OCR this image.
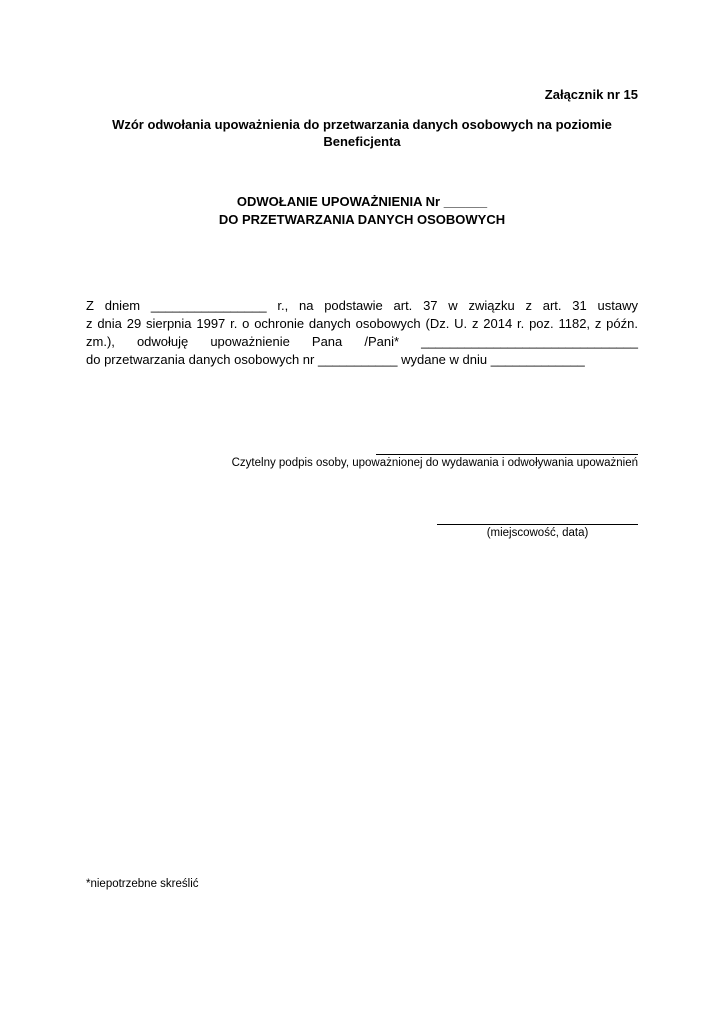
Załącznik nr 15
Wzór odwołania upoważnienia do przetwarzania danych osobowych na poziomie
Beneficjenta
ODWOŁANIE UPOWAŻNIENIA Nr ______
DO PRZETWARZANIA DANYCH OSOBOWYCH
Z dniem ________________ r., na podstawie art. 37 w związku z art. 31 ustawy
z dnia 29 sierpnia 1997 r. o ochronie danych osobowych (Dz. U. z 2014 r. poz. 1182, z późn.
zm.), odwołuję upoważnienie Pana /Pani* ______________________________
do przetwarzania danych osobowych nr ___________ wydane w dniu _____________
Czytelny podpis osoby, upoważnionej do wydawania i odwoływania upoważnień
(miejscowość, data)
*niepotrzebne skreślić
